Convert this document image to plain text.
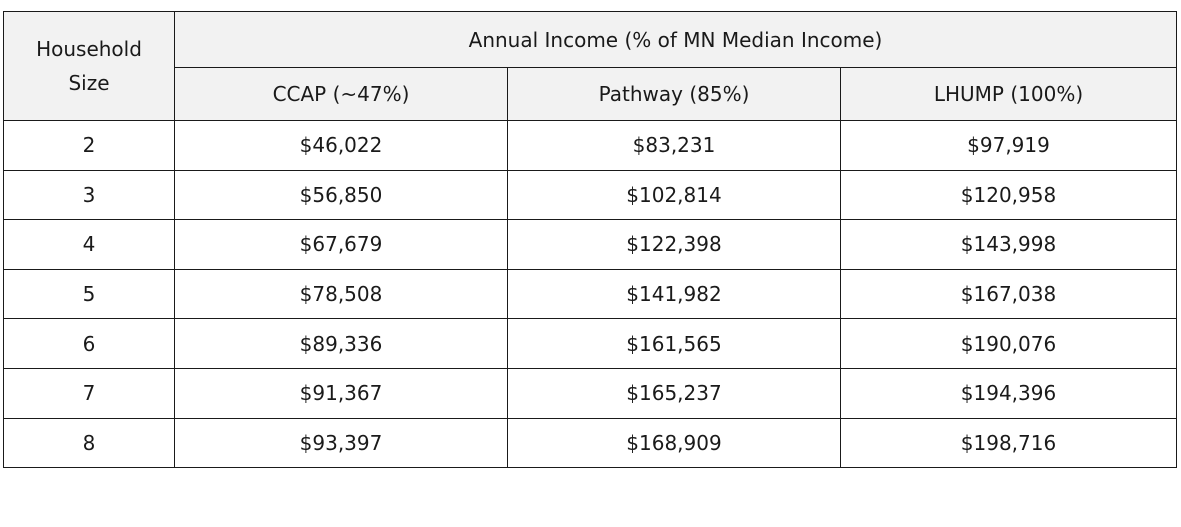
Household
Size	Annual Income (% of MN Median Income)		
	CCAP (~47%)	Pathway (85%)	LHUMP (100%)
2	$46,022	$83,231	$97,919
3	$56,850	$102,814	$120,958
4	$67,679	$122,398	$143,998
5	$78,508	$141,982	$167,038
6	$89,336	$161,565	$190,076
7	$91,367	$165,237	$194,396
8	$93,397	$168,909	$198,716
